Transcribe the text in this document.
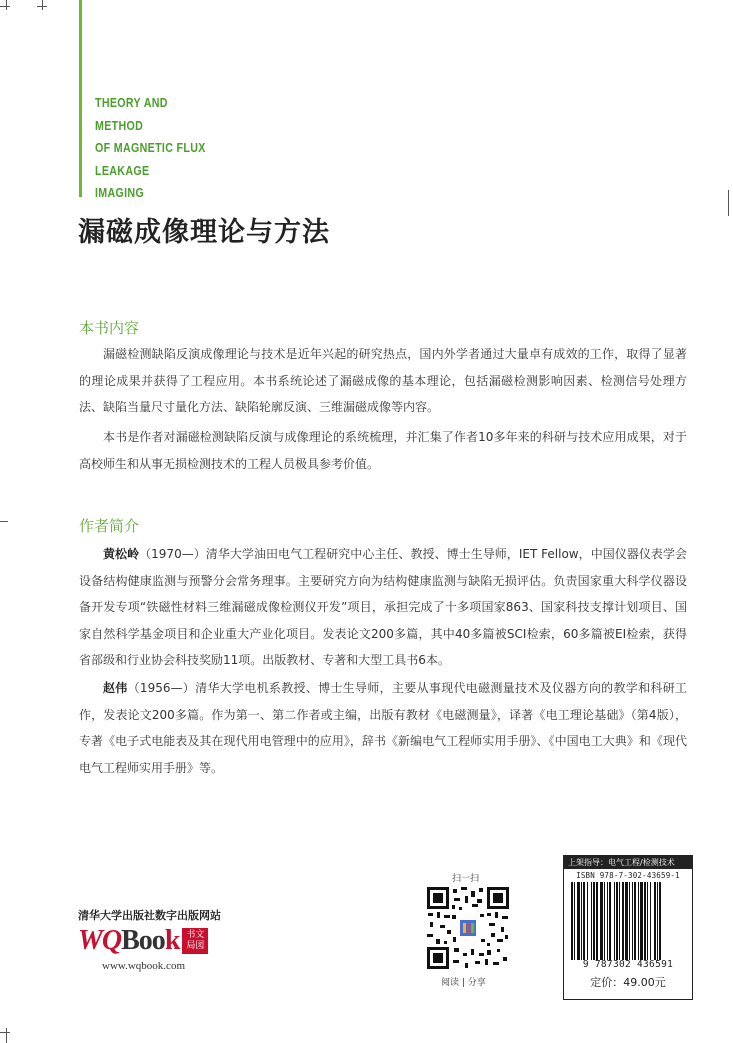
THEORY AND
METHOD
OF MAGNETIC FLUX
LEAKAGE
IMAGING
漏磁成像理论与方法
本书内容

漏磁检测缺陷反演成像理论与技术是近年兴起的研究热点，国内外学者通过大量卓有成效的工作，取得了显著的理论成果并获得了工程应用。本书系统论述了漏磁成像的基本理论，包括漏磁检测影响因素、检测信号处理方法、缺陷当量尺寸量化方法、缺陷轮廓反演、三维漏磁成像等内容。

本书是作者对漏磁检测缺陷反演与成像理论的系统梳理，并汇集了作者10多年来的科研与技术应用成果，对于高校师生和从事无损检测技术的工程人员极具参考价值。

作者简介

黄松岭（1970—）清华大学油田电气工程研究中心主任、教授、博士生导师，IET Fellow，中国仪器仪表学会设备结构健康监测与预警分会常务理事。主要研究方向为结构健康监测与缺陷无损评估。负责国家重大科学仪器设备开发专项“铁磁性材料三维漏磁成像检测仪开发”项目，承担完成了十多项国家863、国家科技支撑计划项目、国家自然科学基金项目和企业重大产业化项目。发表论文200多篇，其中40多篇被SCI检索，60多篇被EI检索，获得省部级和行业协会科技奖励11项。出版教材、专著和大型工具书6本。

赵伟（1956—）清华大学电机系教授、博士生导师，主要从事现代电磁测量技术及仪器方向的教学和科研工作，发表论文200多篇。作为第一、第二作者或主编，出版有教材《电磁测量》，译著《电工理论基础》（第4版），专著《电子式电能表及其在现代用电管理中的应用》，辞书《新编电气工程师实用手册》、《中国电工大典》和《现代电气工程师实用手册》等。

清华大学出版社数字出版网站
WQ Boo k 书文
局図
www.wqbook.com
扫一扫
阅读 | 分享
上架指导：电气工程/检测技术
ISBN 978-7-302-43659-1
9 787302 436591
定价：49.00元
